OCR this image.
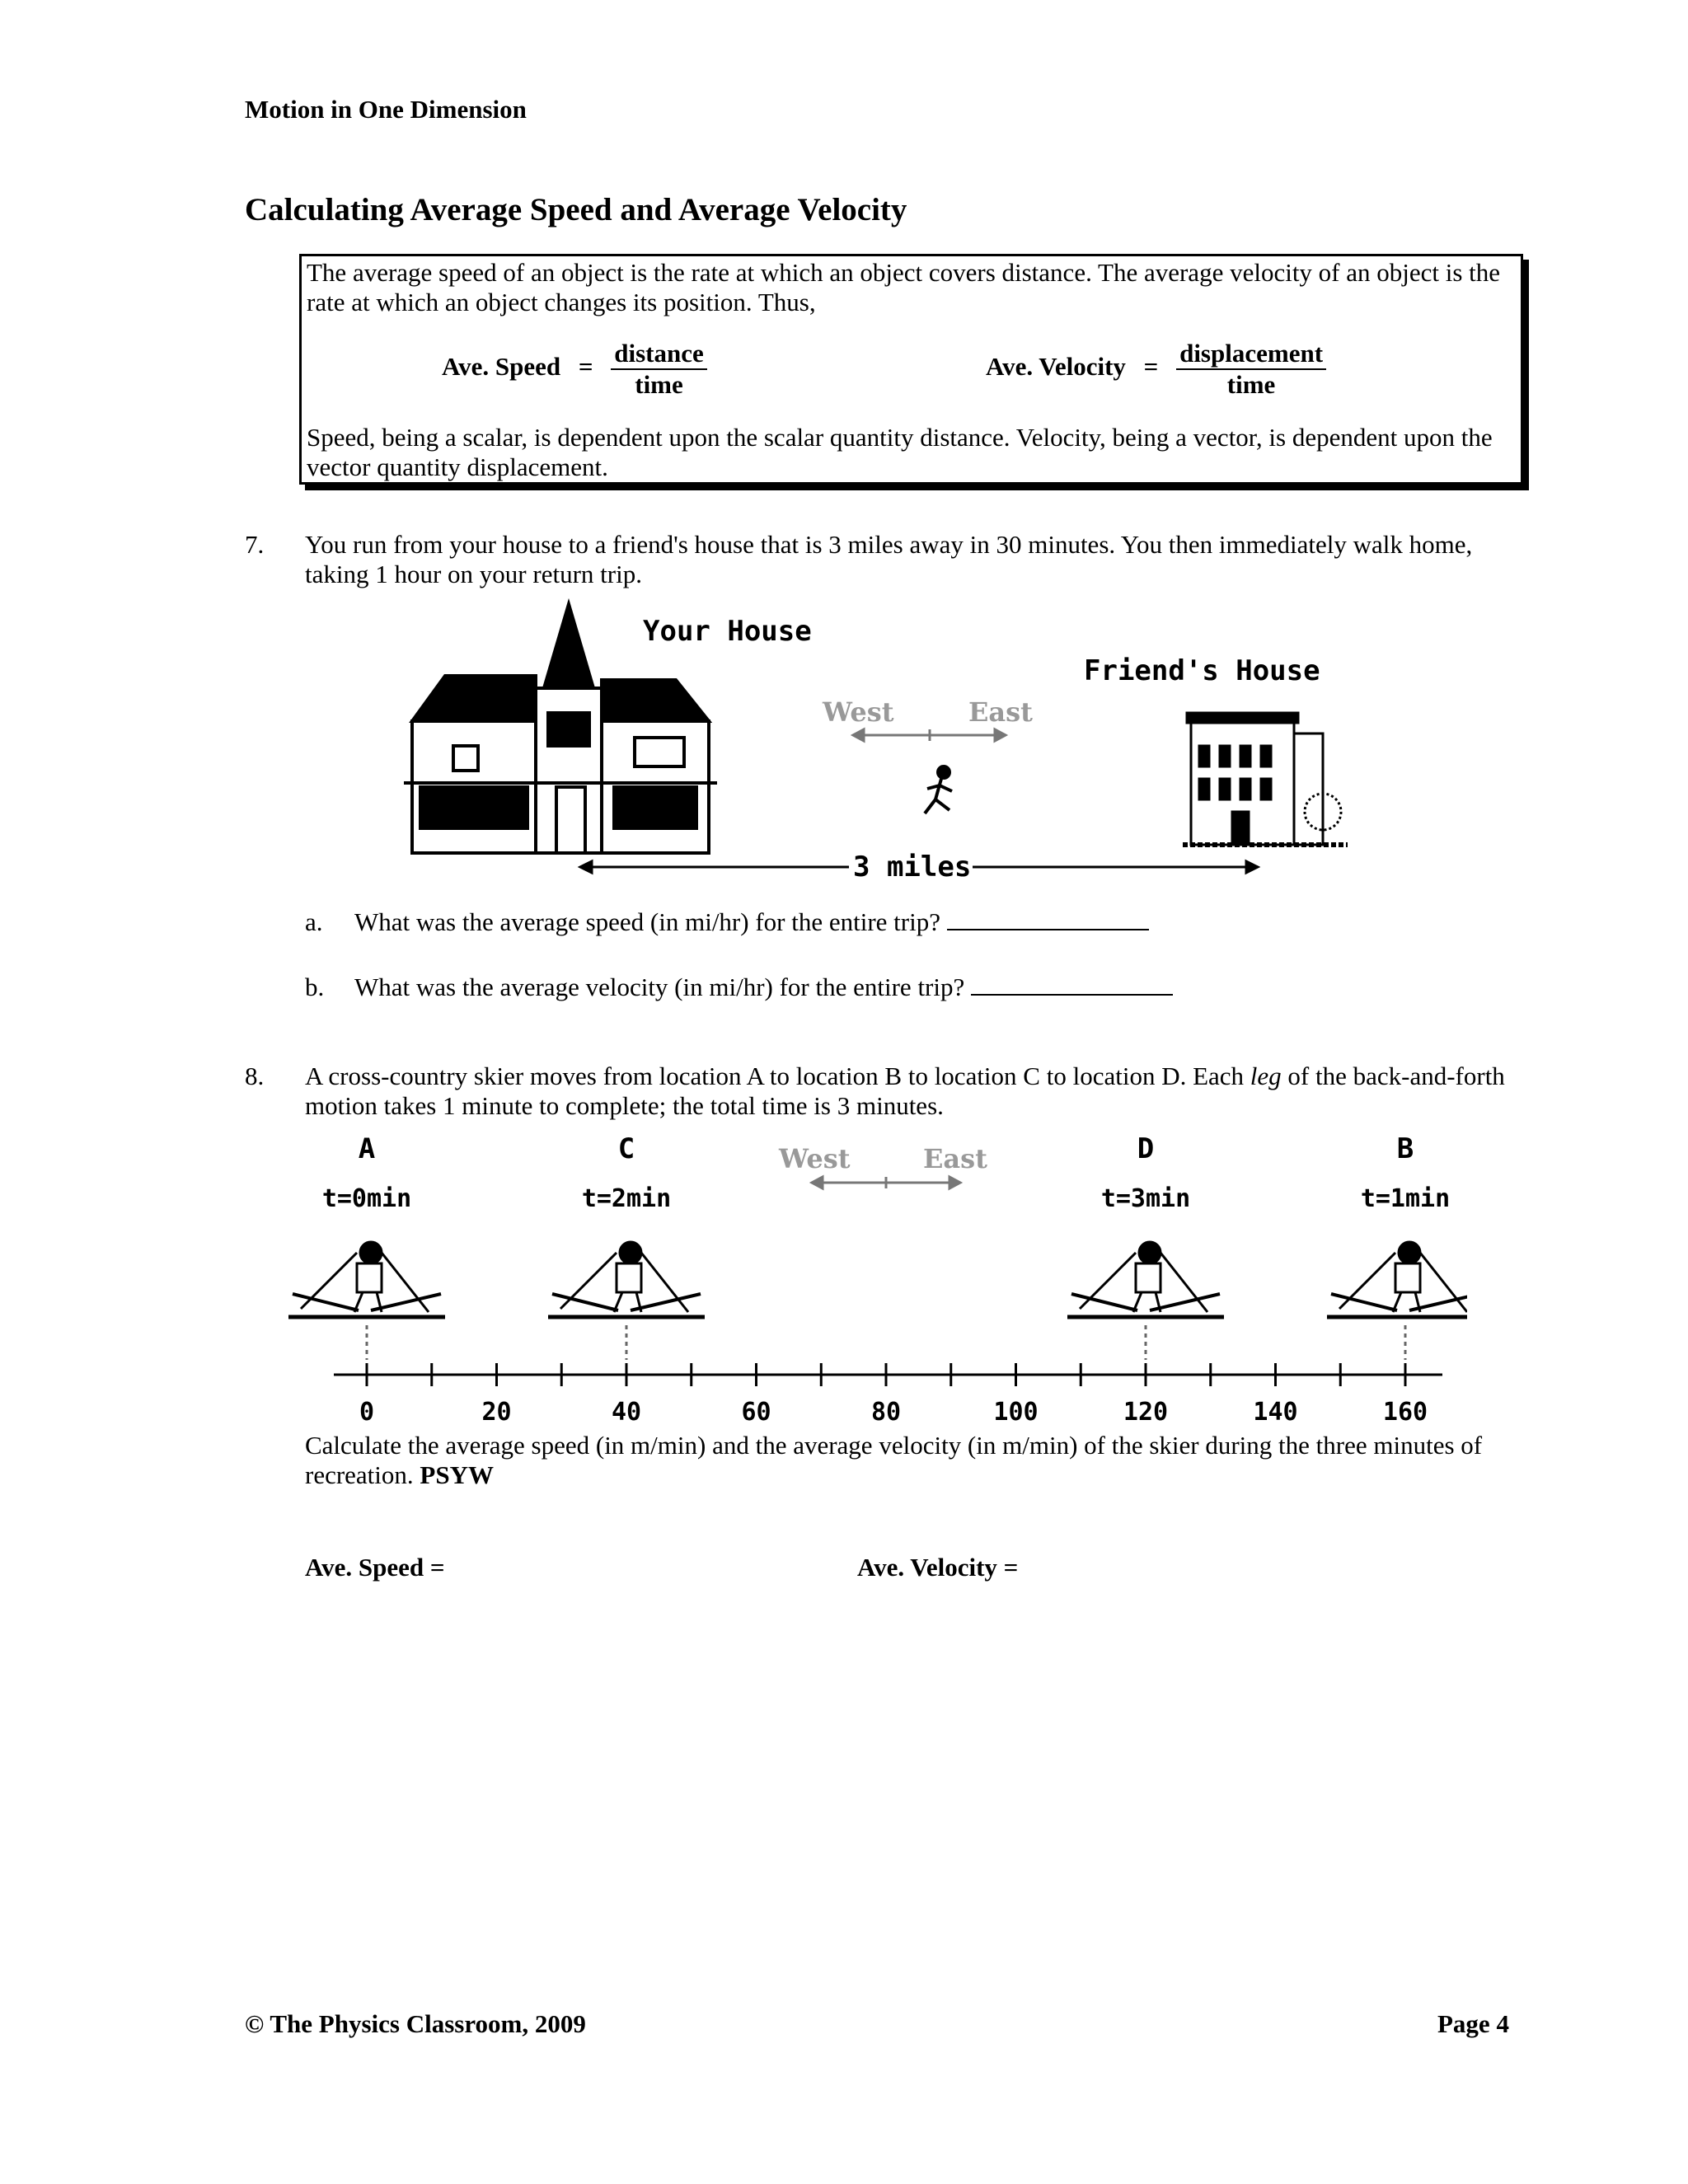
Motion in One Dimension
Calculating Average Speed and Average Velocity
The average speed of an object is the rate at which an object covers distance. The average velocity of an object is the rate at which an object changes its position. Thus,
Ave. Speed = $\frac{\text{distance}}{\text{time}}$	Ave. Velocity = $\frac{\text{displacement}}{\text{time}}$
Speed, being a scalar, is dependent upon the scalar quantity distance. Velocity, being a vector, is dependent upon the vector quantity displacement.
7. You run from your house to a friend's house that is 3 miles away in 30 minutes. You then immediately walk home, taking 1 hour on your return trip.
Your House
West	East
Friend's House
3 miles
a. What was the average speed (in mi/hr) for the entire trip?
b. What was the average velocity (in mi/hr) for the entire trip?
8. A cross-country skier moves from location A to location B to location C to location D. Each leg of the back-and-forth motion takes 1 minute to complete; the total time is 3 minutes.
West	East
A
t=0min
C
t=2min
D
t=3min
B
t=1min
0	20	40	60	80	100	120	140	160
Calculate the average speed (in m/min) and the average velocity (in m/min) of the skier during the three minutes of recreation. PSYW
Ave. Speed =	Ave. Velocity =
© The Physics Classroom, 2009	Page 4
